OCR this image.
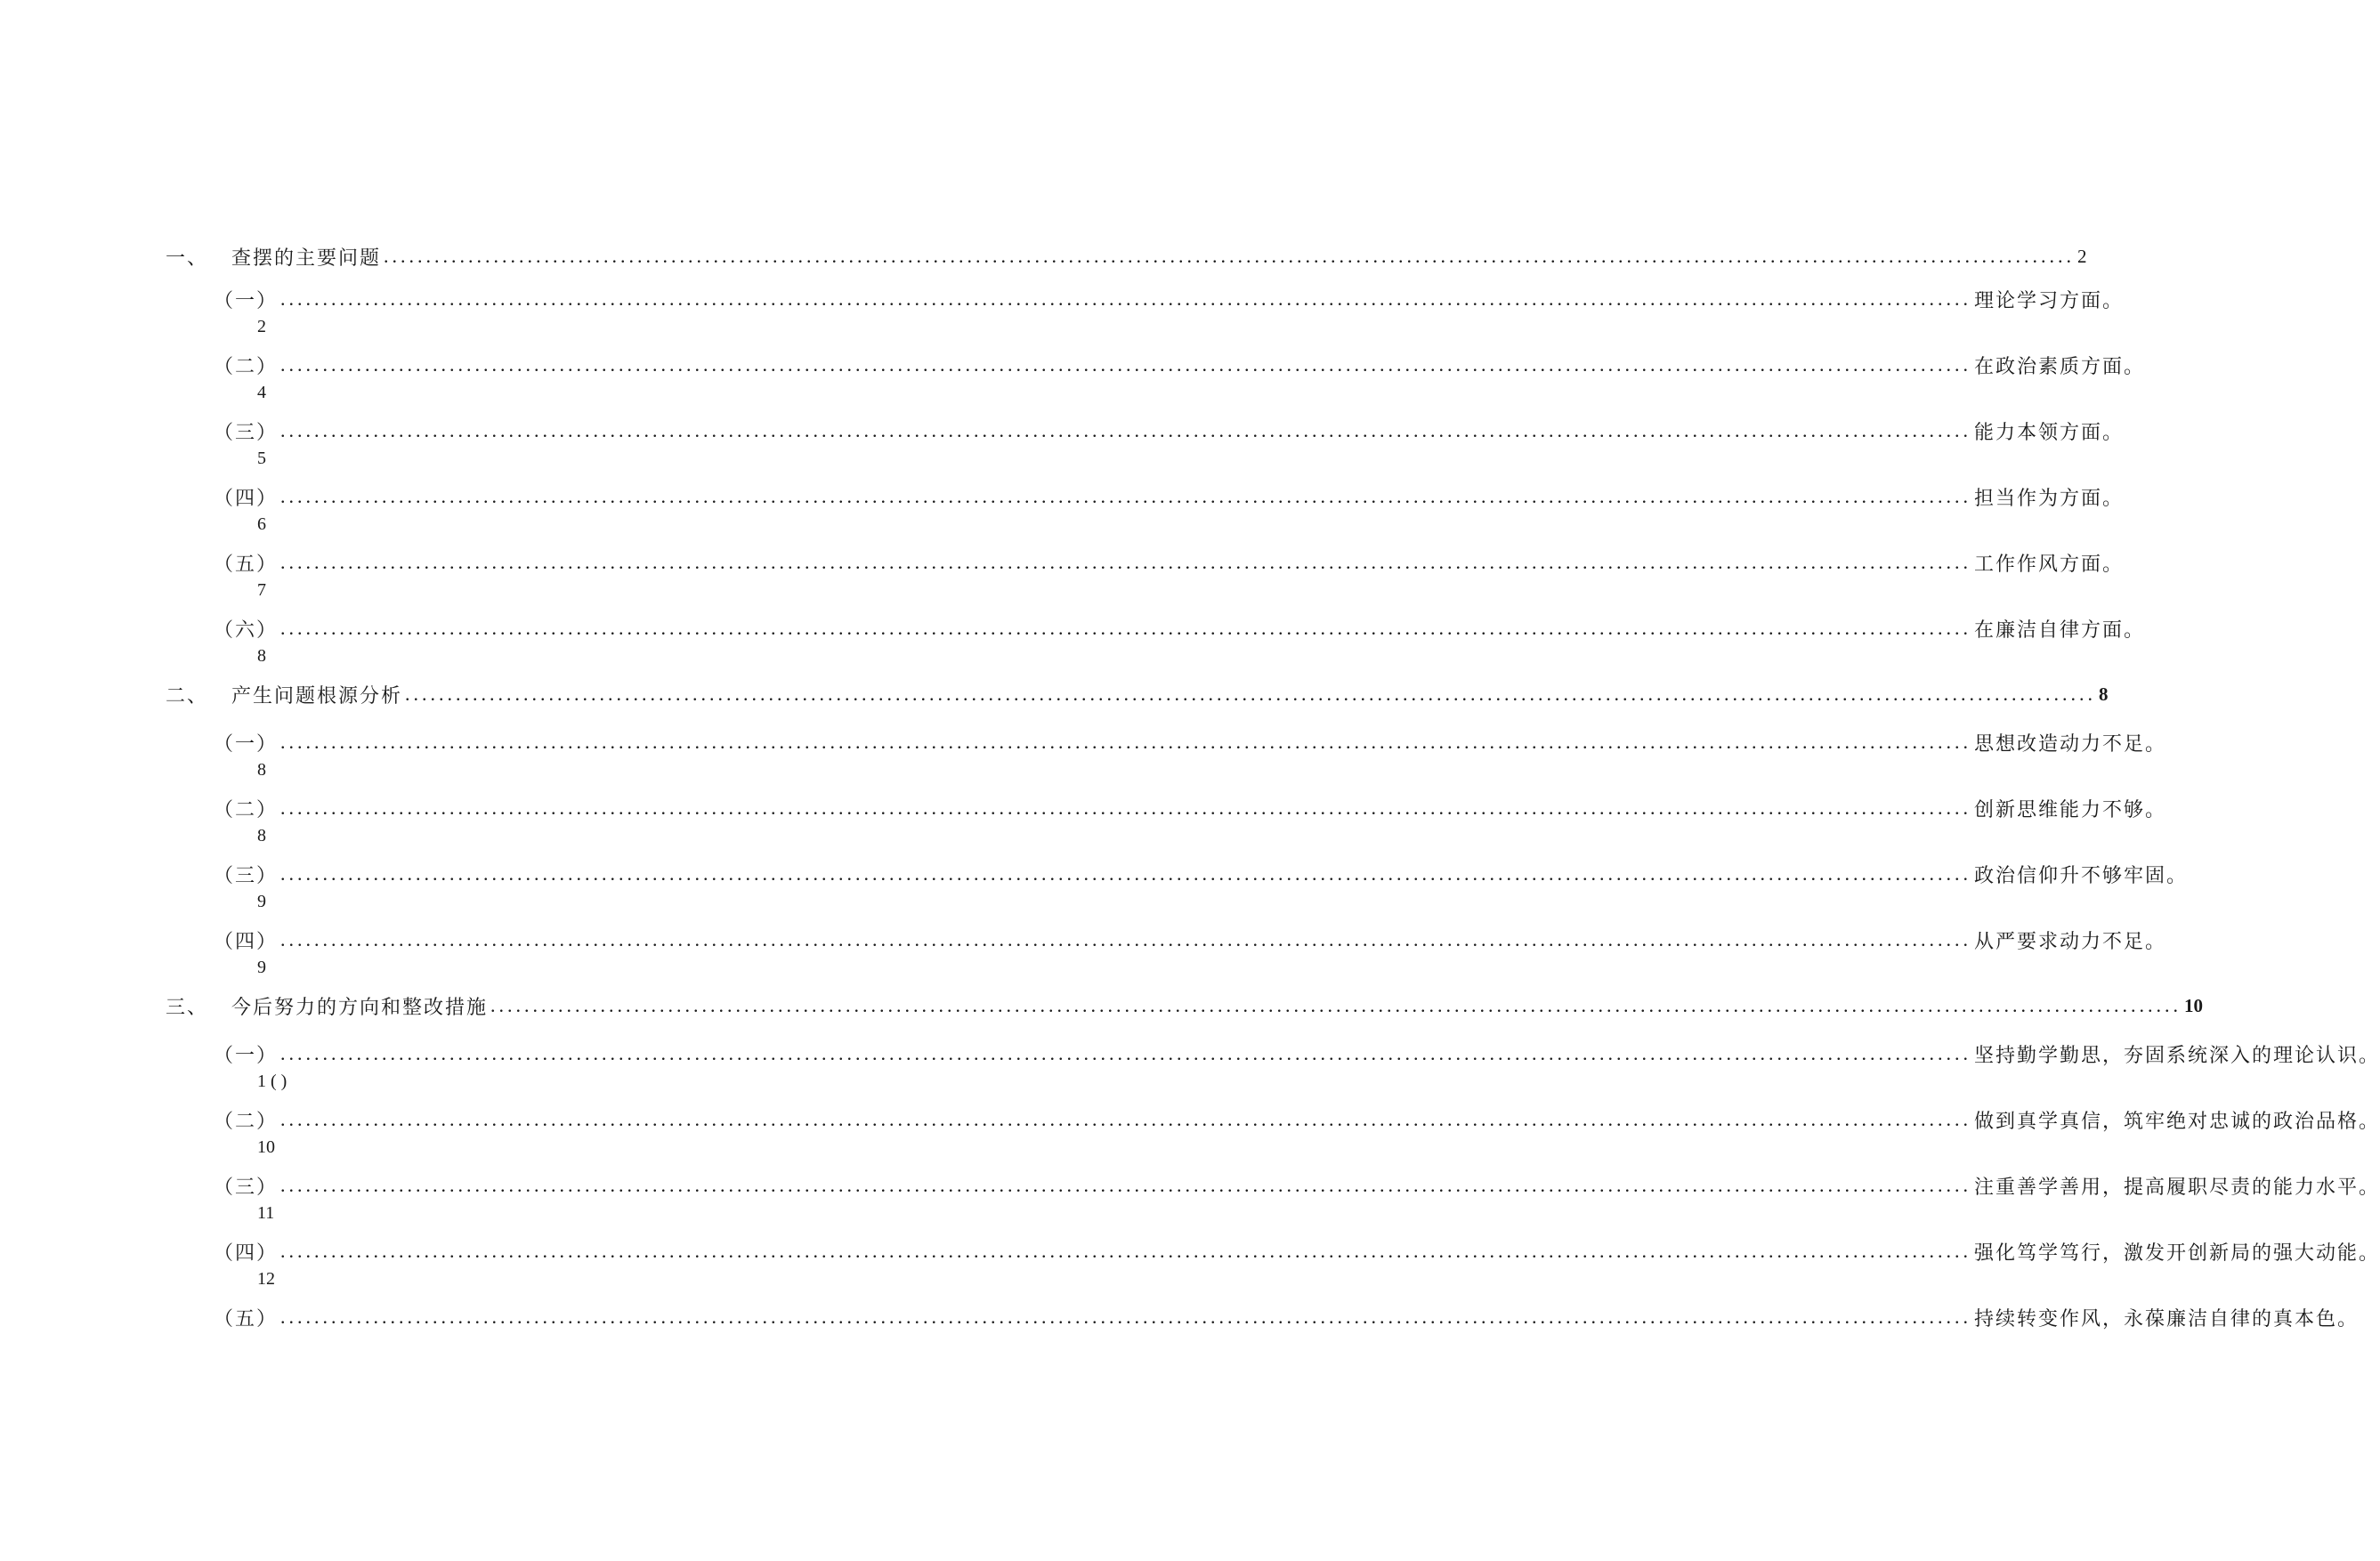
一、 查摆的主要问题 ........................................................................................................................................................................................................ 2
（一） ........................................................................................................................................................................................................ 理论学习方面。
2
（二） ........................................................................................................................................................................................................ 在政治素质方面。
4
（三） ........................................................................................................................................................................................................ 能力本领方面。
5
（四） ........................................................................................................................................................................................................ 担当作为方面。
6
（五） ........................................................................................................................................................................................................ 工作作风方面。
7
（六） ........................................................................................................................................................................................................ 在廉洁自律方面。
8
二、 产生问题根源分析 ........................................................................................................................................................................................................ 8
（一） ........................................................................................................................................................................................................ 思想改造动力不足。
8
（二） ........................................................................................................................................................................................................ 创新思维能力不够。
8
（三） ........................................................................................................................................................................................................ 政治信仰升不够牢固。
9
（四） ........................................................................................................................................................................................................ 从严要求动力不足。
9
三、 今后努力的方向和整改措施 ........................................................................................................................................................................................................ 10
（一） ........................................................................................................................................................................................................ 坚持勤学勤思，夯固系统深入的理论认识。
1 ( )
（二） ........................................................................................................................................................................................................ 做到真学真信，筑牢绝对忠诚的政治品格。
10
（三） ........................................................................................................................................................................................................ 注重善学善用，提高履职尽责的能力水平。
11
（四） ........................................................................................................................................................................................................ 强化笃学笃行，激发开创新局的强大动能。
12
（五） ........................................................................................................................................................................................................ 持续转变作风，永葆廉洁自律的真本色。
